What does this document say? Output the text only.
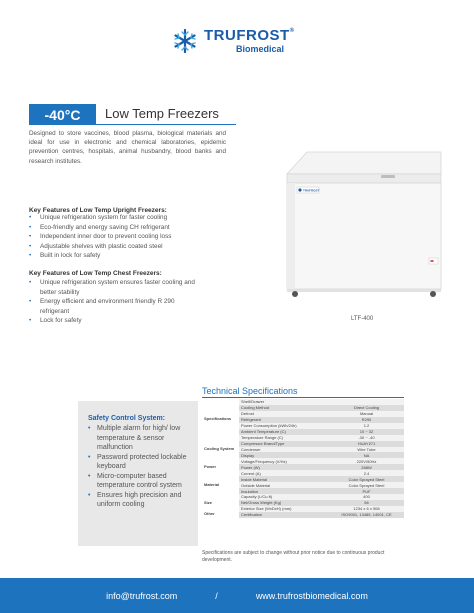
TRUFROST®
Biomedical
-40°C	Low Temp Freezers

Designed to store vaccines, blood plasma, biological materials and ideal for use in electronic and chemical laboratories, epidemic prevention centres, hospitals, animal husbandry, blood banks and research institutes.

Key Features of Low Temp Upright Freezers:
• Unique refrigeration system for faster cooling
• Eco-friendly and energy saving CH refrigerant
• Independent inner door to prevent cooling loss
• Adjustable shelves with plastic coated steel
• Built in lock for safety
Key Features of Low Temp Chest Freezers:
• Unique refrigeration system ensures faster cooling and better stability
• Energy efficient and environment friendly R 290 refrigerant
• Lock for safety
TRUFROST
LTF-400
Safety Control System:
• Multiple alarm for high/ low temperature & sensor malfunction
• Password protected lockable keyboard
• Micro-computer based temperature control system
• Ensures high precision and uniform cooling
Technical Specifications
Specifications	Shelf/Drawer	
	Cooling Method	Direct Cooling
	Defrost	Manual
	Refrigerant	R290
	Power Consumption (kWh/24h)	1.2
	Ambient Temperature (C)	10 ~ 32
	Temperature Range (C)	-30 ~ -40
Cooling System	Compressor Brand/Type	HUAYI/71
	Condenser	Wire Tube
	Display	NA
Power	Voltage/Frequency (V/Hz)	220V/50Hz
	Power (W)	288W
	Current (A)	2.4
Material	Inside Material	Color Sprayed Steel
	Outside Material	Color Sprayed Steel
	Insulation	PUF
Size	Capacity (L/Cu.ft)	400
	Net/Gross Weight (Kg)	56
	Exterior Size (WxDxH) (mm)	1234 x 6 x 908
Other	Certification	ISO9001, 13485, 14001, CE

Specifications are subject to change without prior notice due to continuous product development.

info@trufrost.com	/	www.trufrostbiomedical.com
